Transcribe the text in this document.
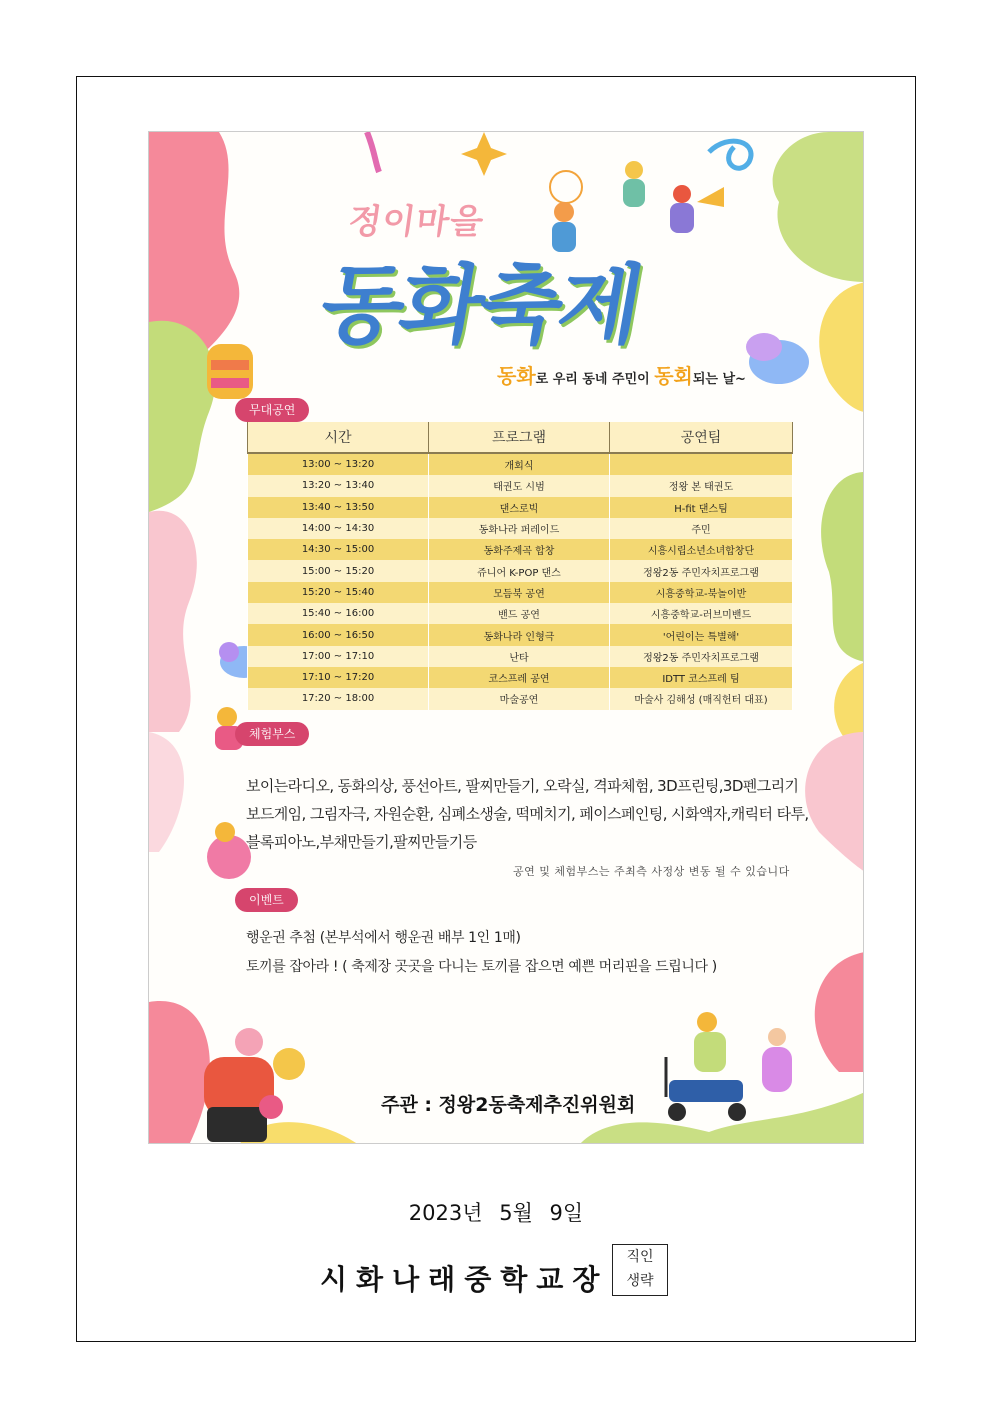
정이마을
동화축제
동화로 우리 동네 주민이 동회되는 날~
무대공연
시간	프로그램	공연팀
13:00 ~ 13:20	개회식	
13:20 ~ 13:40	태권도 시범	정왕 본 태권도
13:40 ~ 13:50	댄스로빅	H-fit 댄스팀
14:00 ~ 14:30	동화나라 퍼레이드	주민
14:30 ~ 15:00	동화주제곡 합창	시흥시립소년소녀합창단
15:00 ~ 15:20	쥬니어 K-POP 댄스	정왕2동 주민자치프로그램
15:20 ~ 15:40	모듬북 공연	시흥중학교-북놀이반
15:40 ~ 16:00	밴드 공연	시흥중학교-러브미밴드
16:00 ~ 16:50	동화나라 인형극	'어린이는 특별해'
17:00 ~ 17:10	난타	정왕2동 주민자치프로그램
17:10 ~ 17:20	코스프레 공연	IDTT 코스프레 팀
17:20 ~ 18:00	마술공연	마술사 김해성 (매직헌터 대표)
체험부스
보이는라디오, 동화의상, 풍선아트, 팔찌만들기, 오락실, 격파체험, 3D프린팅,3D펜그리기
보드게임, 그림자극, 자원순환, 심폐소생술, 떡메치기, 페이스페인팅, 시화액자,캐릭터 타투,
블록피아노,부채만들기,팔찌만들기등
공연 및 체험부스는 주최측 사정상 변동 될 수 있습니다
이벤트
행운권 추첨 (본부석에서 행운권 배부 1인 1매)
토끼를 잡아라 ! ( 축제장 곳곳을 다니는 토끼를 잡으면 예쁜 머리핀을 드립니다 )
주관 : 정왕2동축제추진위원회
2023년 5월 9일
시화나래중학교장
직인
생략
